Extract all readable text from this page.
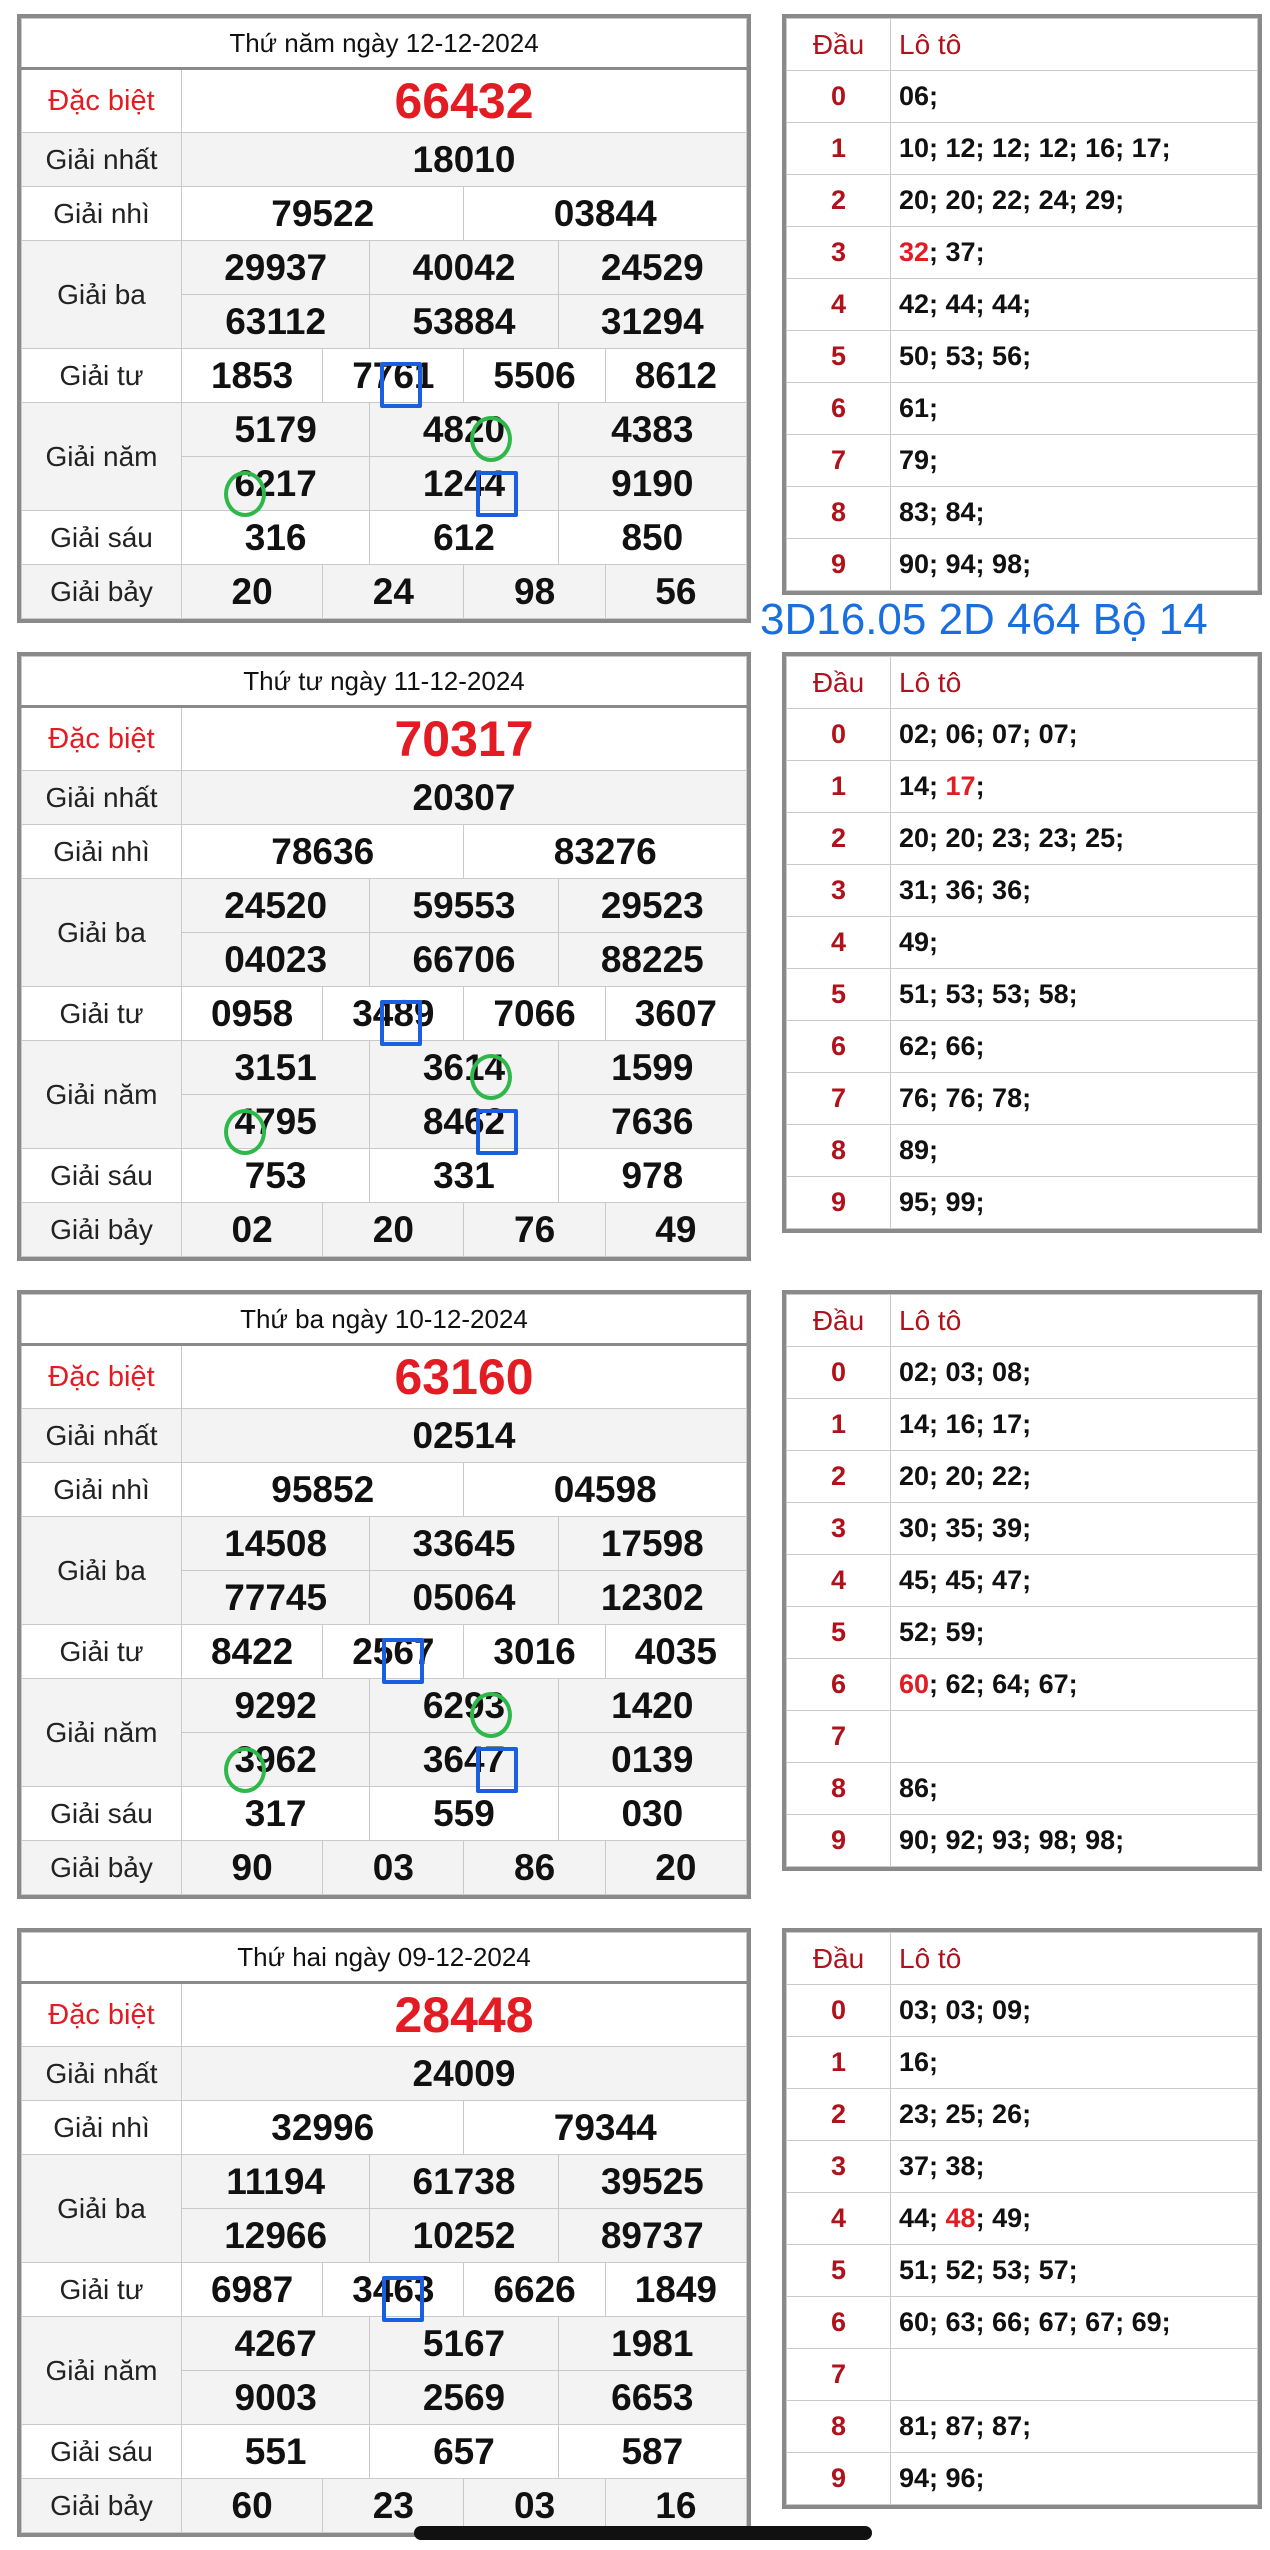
Thứ năm ngày 12-12-2024						
Đặc biệt	66432					
Giải nhất	18010					
Giải nhì	79522			03844		
Giải ba	29937		40042		24529	
	63112		53884		31294	
Giải tư	1853	7761		5506		8612
Giải năm	5179		4820		4383	
	6217		1244		9190	
Giải sáu	316		612		850	
Giải bảy	20	24		98		56
Đầu	Lô tô
0	06;
1	10; 12; 12; 12; 16; 17;
2	20; 20; 22; 24; 29;
3	32; 37;
4	42; 44; 44;
5	50; 53; 56;
6	61;
7	79;
8	83; 84;
9	90; 94; 98;
Thứ tư ngày 11-12-2024						
Đặc biệt	70317					
Giải nhất	20307					
Giải nhì	78636			83276		
Giải ba	24520		59553		29523	
	04023		66706		88225	
Giải tư	0958	3489		7066		3607
Giải năm	3151		3614		1599	
	4795		8462		7636	
Giải sáu	753		331		978	
Giải bảy	02	20		76		49
Đầu	Lô tô
0	02; 06; 07; 07;
1	14; 17;
2	20; 20; 23; 23; 25;
3	31; 36; 36;
4	49;
5	51; 53; 53; 58;
6	62; 66;
7	76; 76; 78;
8	89;
9	95; 99;
Thứ ba ngày 10-12-2024						
Đặc biệt	63160					
Giải nhất	02514					
Giải nhì	95852			04598		
Giải ba	14508		33645		17598	
	77745		05064		12302	
Giải tư	8422	2567		3016		4035
Giải năm	9292		6293		1420	
	3962		3647		0139	
Giải sáu	317		559		030	
Giải bảy	90	03		86		20
Đầu	Lô tô
0	02; 03; 08;
1	14; 16; 17;
2	20; 20; 22;
3	30; 35; 39;
4	45; 45; 47;
5	52; 59;
6	60; 62; 64; 67;
7	
8	86;
9	90; 92; 93; 98; 98;
Thứ hai ngày 09-12-2024						
Đặc biệt	28448					
Giải nhất	24009					
Giải nhì	32996			79344		
Giải ba	11194		61738		39525	
	12966		10252		89737	
Giải tư	6987	3463		6626		1849
Giải năm	4267		5167		1981	
	9003		2569		6653	
Giải sáu	551		657		587	
Giải bảy	60	23		03		16
Đầu	Lô tô
0	03; 03; 09;
1	16;
2	23; 25; 26;
3	37; 38;
4	44; 48; 49;
5	51; 52; 53; 57;
6	60; 63; 66; 67; 67; 69;
7	
8	81; 87; 87;
9	94; 96;
3D16.05 2D 464 Bộ 14
